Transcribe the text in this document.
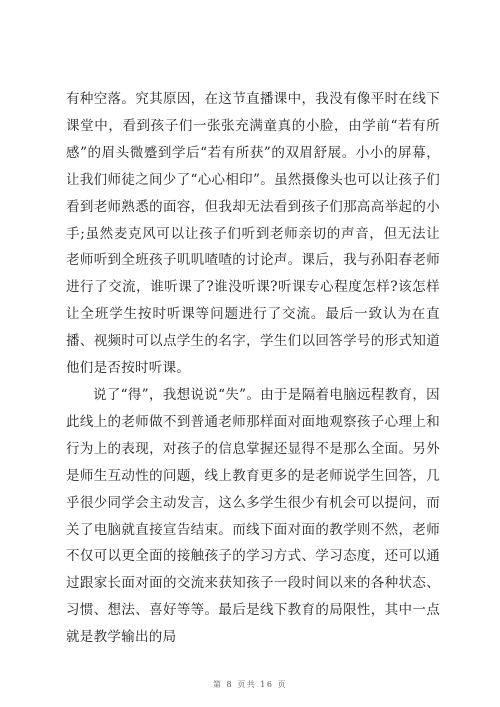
有种空落。究其原因，在这节直播课中，我没有像平时在线下课堂中，看到孩子们一张张充满童真的小脸，由学前“若有所感”的眉头微蹙到学后“若有所获”的双眉舒展。小小的屏幕，让我们师徒之间少了“心心相印”。虽然摄像头也可以让孩子们看到老师熟悉的面容，但我却无法看到孩子们那高高举起的小手;虽然麦克风可以让孩子们听到老师亲切的声音，但无法让老师听到全班孩子叽叽喳喳的讨论声。课后，我与孙阳春老师进行了交流，谁听课了?谁没听课?听课专心程度怎样?该怎样让全班学生按时听课等问题进行了交流。最后一致认为在直播、视频时可以点学生的名字，学生们以回答学号的形式知道他们是否按时听课。

说了“得”，我想说说“失”。由于是隔着电脑远程教育，因此线上的老师做不到普通老师那样面对面地观察孩子心理上和行为上的表现，对孩子的信息掌握还显得不是那么全面。另外是师生互动性的问题，线上教育更多的是老师说学生回答，几乎很少同学会主动发言，这么多学生很少有机会可以提问，而关了电脑就直接宣告结束。而线下面对面的教学则不然，老师不仅可以更全面的接触孩子的学习方式、学习态度，还可以通过跟家长面对面的交流来获知孩子一段时间以来的各种状态、习惯、想法、喜好等等。最后是线下教育的局限性，其中一点就是教学输出的局

第 8 页共 16 页
